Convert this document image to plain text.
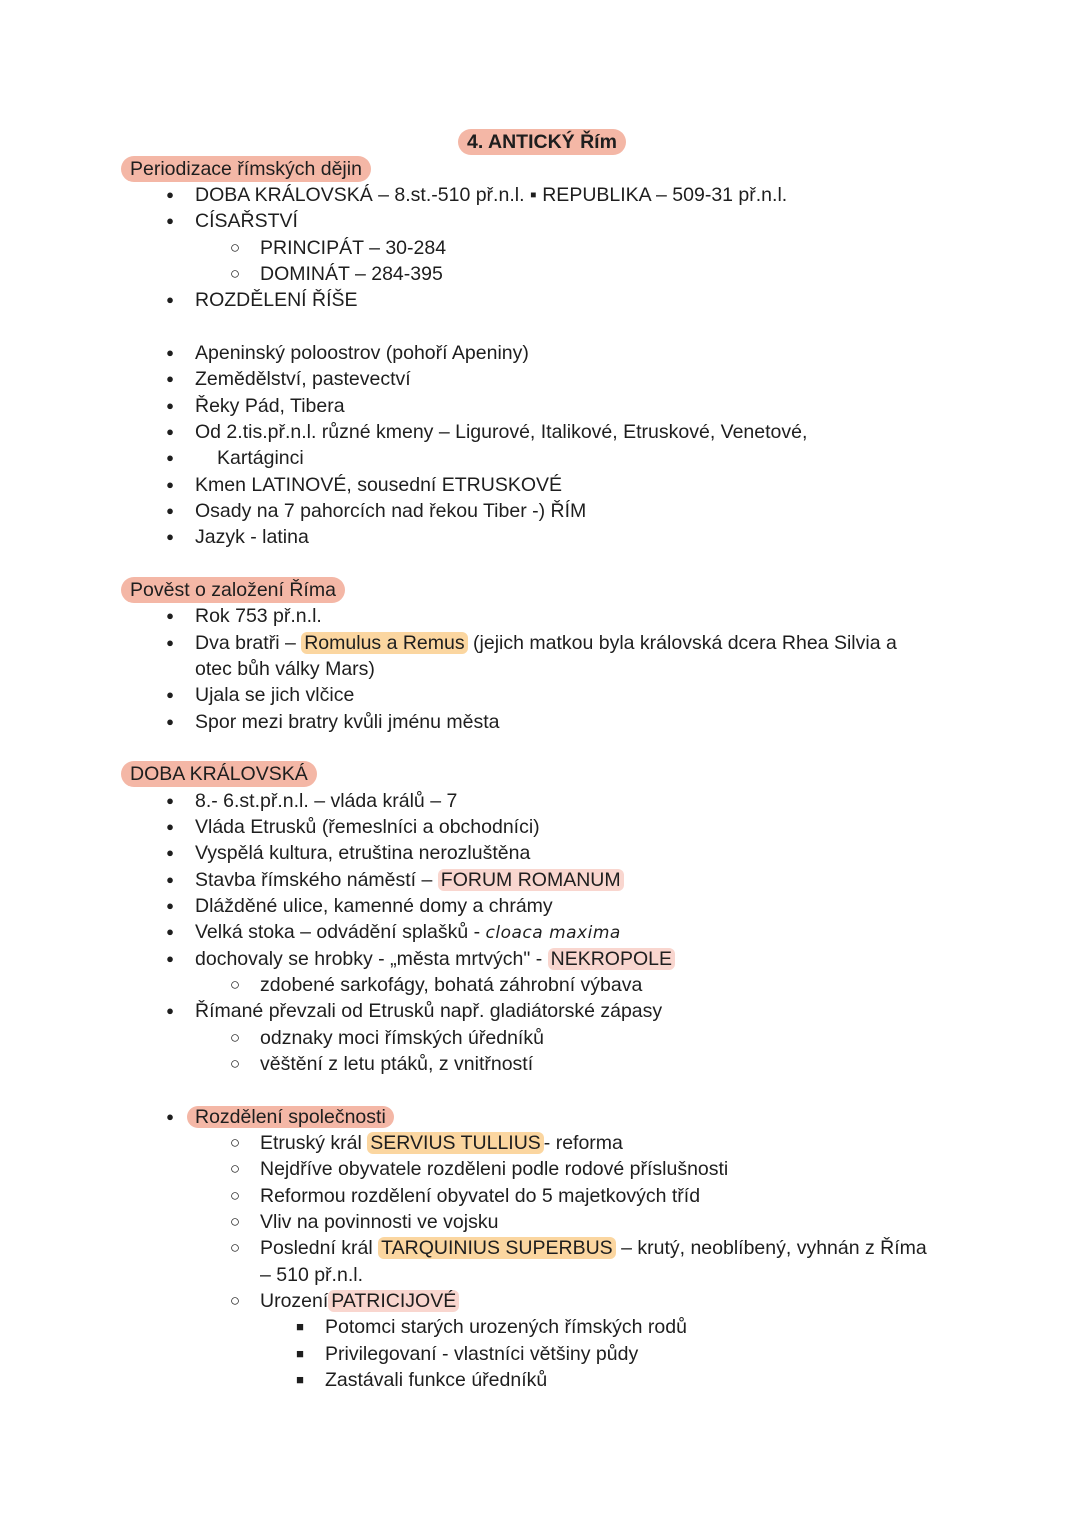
4. ANTICKÝ Řím
Periodizace římských dějin
●	DOBA KRÁLOVSKÁ – 8.st.-510 př.n.l. ▪ REPUBLIKA – 509-31 př.n.l.
●	CÍSAŘSTVÍ
○ PRINCIPÁT – 30-284
○ DOMINÁT – 284-395
●	ROZDĚLENÍ ŘÍŠE
●	Apeninský poloostrov (pohoří Apeniny)
●	Zemědělství, pastevectví
●	Řeky Pád, Tibera
●	Od 2.tis.př.n.l. různé kmeny – Ligurové, Italikové, Etruskové, Venetové,
●	Kartáginci
●	Kmen LATINOVÉ, sousední ETRUSKOVÉ
●	Osady na 7 pahorcích nad řekou Tiber -) ŘÍM
●	Jazyk - latina
Pověst o založení Říma
●	Rok 753 př.n.l.
●	Dva bratři – Romulus a Remus (jejich matkou byla královská dcera Rhea Silvia a
otec bůh války Mars)
●	Ujala se jich vlčice
●	Spor mezi bratry kvůli jménu města
DOBA KRÁLOVSKÁ
●	8.- 6.st.př.n.l. – vláda králů – 7
●	Vláda Etrusků (řemeslníci a obchodníci)
●	Vyspělá kultura, etruština nerozluštěna
●	Stavba římského náměstí – FORUM ROMANUM
●	Dlážděné ulice, kamenné domy a chrámy
●	Velká stoka – odvádění splašků - cloaca maxima
●	dochovaly se hrobky - „města mrtvých" - NEKROPOLE
○ zdobené sarkofágy, bohatá záhrobní výbava
●	Římané převzali od Etrusků např. gladiátorské zápasy
○ odznaky moci římských úředníků
○ věštění z letu ptáků, z vnitřností
●	Rozdělení společnosti
○ Etruský král SERVIUS TULLIUS - reforma
○ Nejdříve obyvatele rozděleni podle rodové příslušnosti
○ Reformou rozdělení obyvatel do 5 majetkových tříd
○ Vliv na povinnosti ve vojsku
○ Poslední král TARQUINIUS SUPERBUS – krutý, neoblíbený, vyhnán z Říma
– 510 př.n.l.
○ Urození PATRICIJOVÉ
■	Potomci starých urozených římských rodů
■	Privilegovaní - vlastníci většiny půdy
■	Zastávali funkce úředníků
